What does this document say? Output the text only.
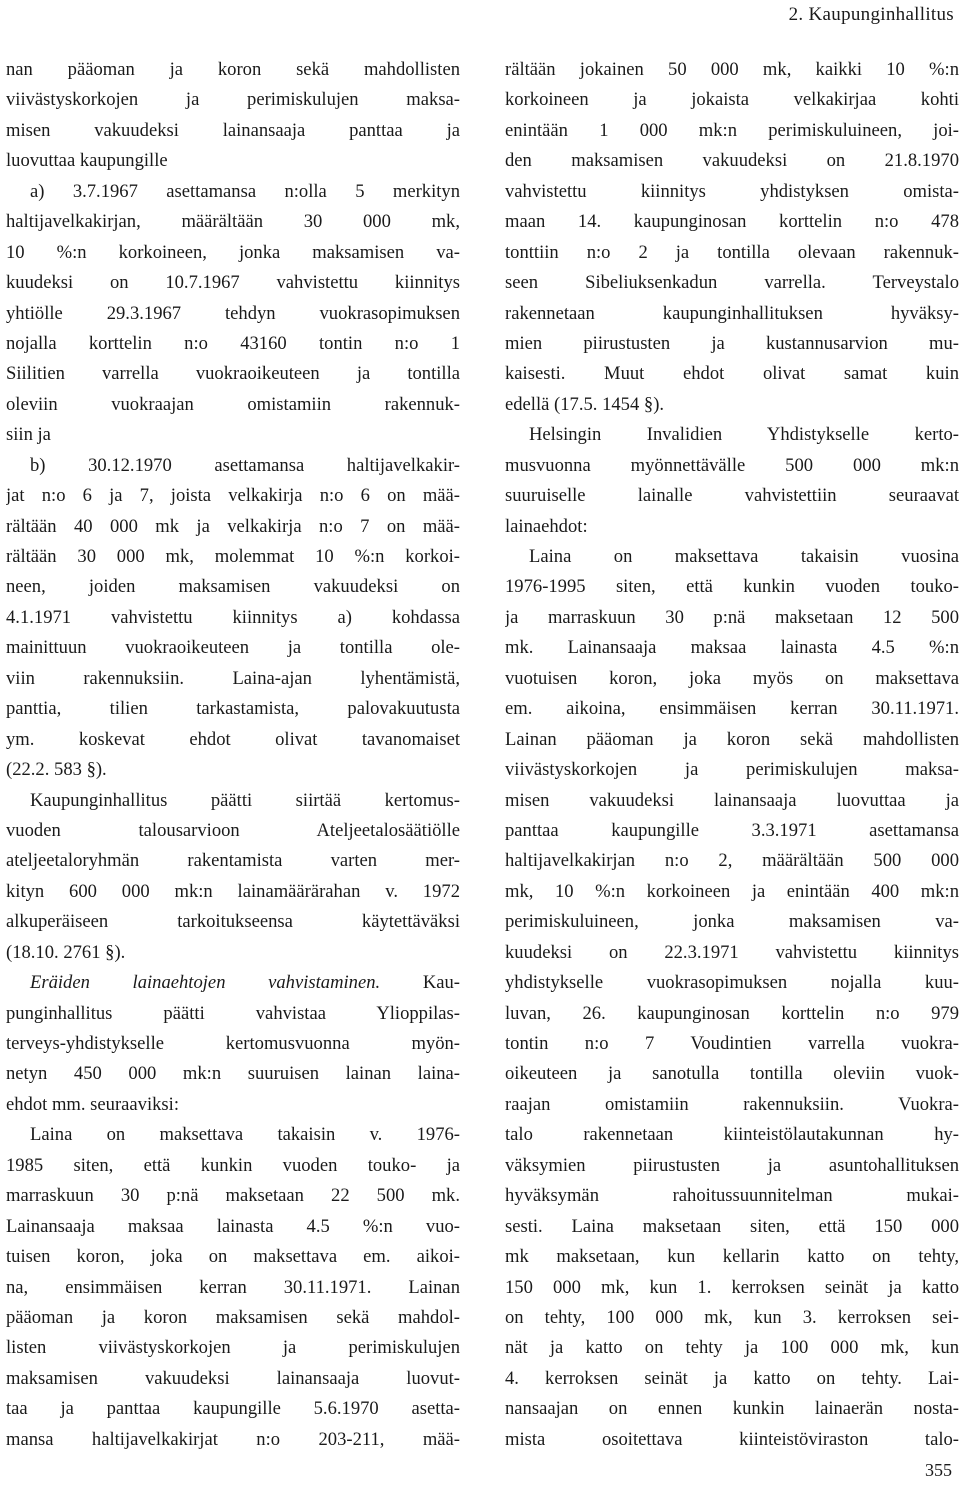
2. Kaupunginhallitus
nan pääoman ja koron sekä mahdollisten
viivästyskorkojen ja perimiskulujen maksa-
misen vakuudeksi lainansaaja panttaa ja
luovuttaa kaupungille
a) 3.7.1967 asettamansa n:olla 5 merkityn
haltijavelkakirjan, määrältään 30 000 mk,
10 %:n korkoineen, jonka maksamisen va-
kuudeksi on 10.7.1967 vahvistettu kiinnitys
yhtiölle 29.3.1967 tehdyn vuokrasopimuksen
nojalla korttelin n:o 43160 tontin n:o 1
Siilitien varrella vuokraoikeuteen ja tontilla
oleviin vuokraajan omistamiin rakennuk-
siin ja
b) 30.12.1970 asettamansa haltijavelkakir-
jat n:o 6 ja 7, joista velkakirja n:o 6 on mää-
rältään 40 000 mk ja velkakirja n:o 7 on mää-
rältään 30 000 mk, molemmat 10 %:n korkoi-
neen, joiden maksamisen vakuudeksi on
4.1.1971 vahvistettu kiinnitys a) kohdassa
mainittuun vuokraoikeuteen ja tontilla ole-
viin rakennuksiin. Laina-ajan lyhentämistä,
panttia, tilien tarkastamista, palovakuutusta
ym. koskevat ehdot olivat tavanomaiset
(22.2. 583 §).
Kaupunginhallitus päätti siirtää kertomus-
vuoden talousarvioon Ateljeetalosäätiölle
ateljeetaloryhmän rakentamista varten mer-
kityn 600 000 mk:n lainamäärärahan v. 1972
alkuperäiseen tarkoitukseensa käytettäväksi
(18.10. 2761 §).
Eräiden lainaehtojen vahvistaminen. Kau-
punginhallitus päätti vahvistaa Ylioppilas-
terveys-yhdistykselle kertomusvuonna myön-
netyn 450 000 mk:n suuruisen lainan laina-
ehdot mm. seuraaviksi:
Laina on maksettava takaisin v. 1976-
1985 siten, että kunkin vuoden touko- ja
marraskuun 30 p:nä maksetaan 22 500 mk.
Lainansaaja maksaa lainasta 4.5 %:n vuo-
tuisen koron, joka on maksettava em. aikoi-
na, ensimmäisen kerran 30.11.1971. Lainan
pääoman ja koron maksamisen sekä mahdol-
listen viivästyskorkojen ja perimiskulujen
maksamisen vakuudeksi lainansaaja luovut-
taa ja panttaa kaupungille 5.6.1970 asetta-
mansa haltijavelkakirjat n:o 203-211, mää-
rältään jokainen 50 000 mk, kaikki 10 %:n
korkoineen ja jokaista velkakirjaa kohti
enintään 1 000 mk:n perimiskuluineen, joi-
den maksamisen vakuudeksi on 21.8.1970
vahvistettu kiinnitys yhdistyksen omista-
maan 14. kaupunginosan korttelin n:o 478
tonttiin n:o 2 ja tontilla olevaan rakennuk-
seen Sibeliuksenkadun varrella. Terveystalo
rakennetaan kaupunginhallituksen hyväksy-
mien piirustusten ja kustannusarvion mu-
kaisesti. Muut ehdot olivat samat kuin
edellä (17.5. 1454 §).
Helsingin Invalidien Yhdistykselle kerto-
musvuonna myönnettävälle 500 000 mk:n
suuruiselle lainalle vahvistettiin seuraavat
lainaehdot:
Laina on maksettava takaisin vuosina
1976-1995 siten, että kunkin vuoden touko-
ja marraskuun 30 p:nä maksetaan 12 500
mk. Lainansaaja maksaa lainasta 4.5 %:n
vuotuisen koron, joka myös on maksettava
em. aikoina, ensimmäisen kerran 30.11.1971.
Lainan pääoman ja koron sekä mahdollisten
viivästyskorkojen ja perimiskulujen maksa-
misen vakuudeksi lainansaaja luovuttaa ja
panttaa kaupungille 3.3.1971 asettamansa
haltijavelkakirjan n:o 2, määrältään 500 000
mk, 10 %:n korkoineen ja enintään 400 mk:n
perimiskuluineen, jonka maksamisen va-
kuudeksi on 22.3.1971 vahvistettu kiinnitys
yhdistykselle vuokrasopimuksen nojalla kuu-
luvan, 26. kaupunginosan korttelin n:o 979
tontin n:o 7 Voudintien varrella vuokra-
oikeuteen ja sanotulla tontilla oleviin vuok-
raajan omistamiin rakennuksiin. Vuokra-
talo rakennetaan kiinteistölautakunnan hy-
väksymien piirustusten ja asuntohallituksen
hyväksymän rahoitussuunnitelman mukai-
sesti. Laina maksetaan siten, että 150 000
mk maksetaan, kun kellarin katto on tehty,
150 000 mk, kun 1. kerroksen seinät ja katto
on tehty, 100 000 mk, kun 3. kerroksen sei-
nät ja katto on tehty ja 100 000 mk, kun
4. kerroksen seinät ja katto on tehty. Lai-
nansaajan on ennen kunkin lainaerän nosta-
mista osoitettava kiinteistöviraston talo-
355
